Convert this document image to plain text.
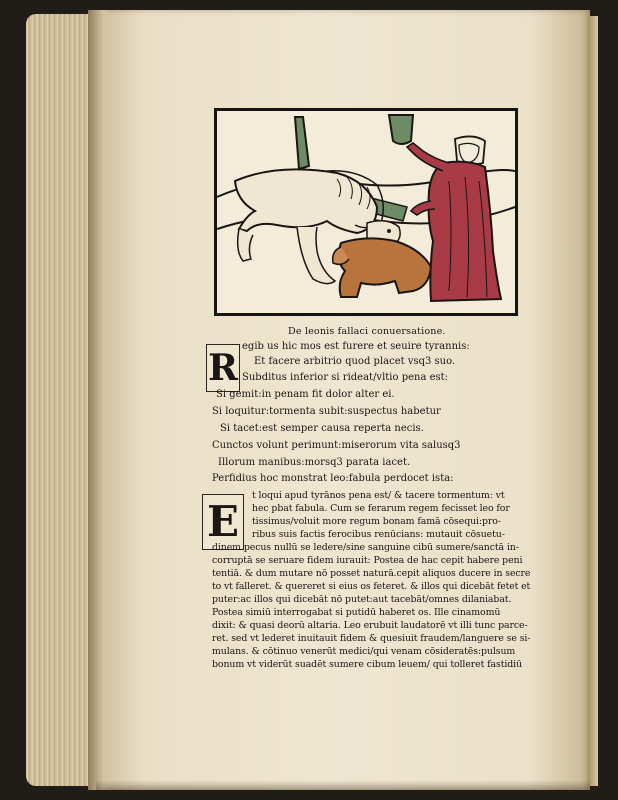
De leonis fallaci conuersatione.
R
egib us hic mos est furere et seuire tyrannis:
Et facere arbitrio quod placet vsq3 suo.
Subditus inferior si rideat/vltio pena est:
Si gemit:in penam fit dolor alter ei.
Si loquitur:tormenta subit:suspectus habetur
Si tacet:est semper causa reperta necis.
Cunctos volunt perimunt:miserorum vita salusq3
Illorum manibus:morsq3 parata iacet.
Perfidius hoc monstrat leo:fabula perdocet ista:
E
t loqui apud tyrānos pena est/ & tacere tormentum: vt
hec pbat fabula. Cum se ferarum regem fecisset leo for
tissimus/voluit more regum bonam famā cōsequi:pro-
ribus suis factis ferocibus renūcians: mutauit cōsuetu-
dinem.pecus nullū se ledere/sine sanguine cibū sumere/sanctā in-
corruptā se seruare fidem iurauit: Postea de hac cepit habere peni
tentiā. & dum mutare nō posset naturā.cepit aliquos ducere in secre
to vt falleret. & quereret si eius os feteret. & illos qui dicebāt fetet et
puter:ac illos qui dicebāt nō putet:aut tacebāt/omnes dilaniabat.
Postea simiū interrogabat si putidū haberet os. Ille cinamomū
dixit: & quasi deorū altaria. Leo erubuit laudatorē vt illi tunc parce-
ret. sed vt lederet inuitauit fidem & quesiuit fraudem/languere se si-
mulans. & cōtinuo venerūt medici/qui venam cōsideratēs:pulsum
bonum vt viderūt suadēt sumere cibum leuem/ qui tolleret fastidiū
